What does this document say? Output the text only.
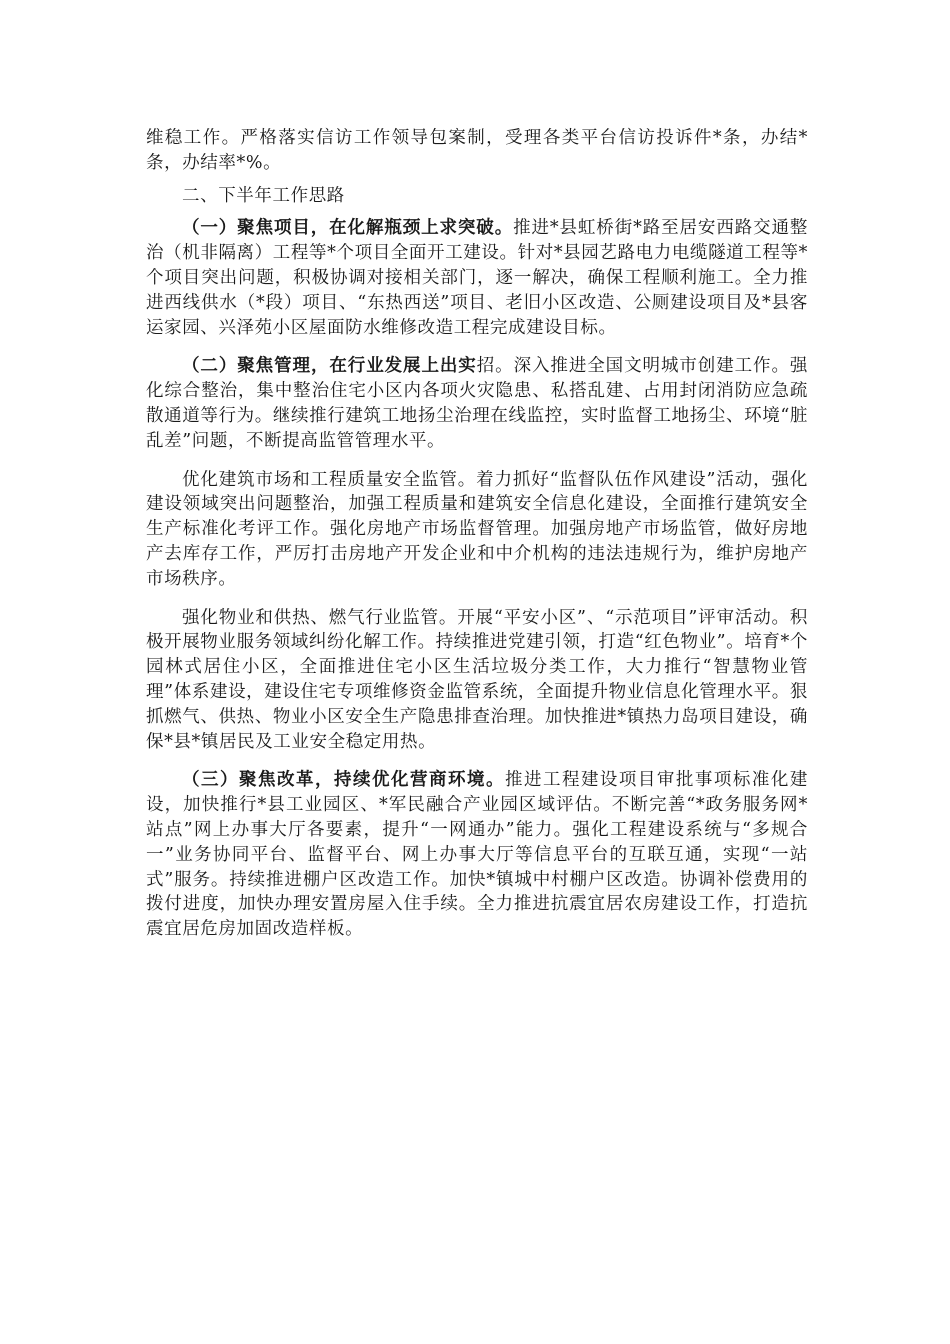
维稳工作。严格落实信访工作领导包案制，受理各类平台信访投诉件*条，办结*条，办结率*%。

二、下半年工作思路

（一）聚焦项目，在化解瓶颈上求突破。推进*县虹桥街*路至居安西路交通整治（机非隔离）工程等*个项目全面开工建设。针对*县园艺路电力电缆隧道工程等*个项目突出问题，积极协调对接相关部门，逐一解决，确保工程顺利施工。全力推进西线供水（*段）项目、“东热西送”项目、老旧小区改造、公厕建设项目及*县客运家园、兴泽苑小区屋面防水维修改造工程完成建设目标。

（二）聚焦管理，在行业发展上出实招。深入推进全国文明城市创建工作。强化综合整治，集中整治住宅小区内各项火灾隐患、私搭乱建、占用封闭消防应急疏散通道等行为。继续推行建筑工地扬尘治理在线监控，实时监督工地扬尘、环境“脏乱差”问题，不断提高监管管理水平。

优化建筑市场和工程质量安全监管。着力抓好“监督队伍作风建设”活动，强化建设领域突出问题整治，加强工程质量和建筑安全信息化建设，全面推行建筑安全生产标准化考评工作。强化房地产市场监督管理。加强房地产市场监管，做好房地产去库存工作，严厉打击房地产开发企业和中介机构的违法违规行为，维护房地产市场秩序。

强化物业和供热、燃气行业监管。开展“平安小区”、“示范项目”评审活动。积极开展物业服务领域纠纷化解工作。持续推进党建引领，打造“红色物业”。培育*个园林式居住小区，全面推进住宅小区生活垃圾分类工作，大力推行“智慧物业管理”体系建设，建设住宅专项维修资金监管系统，全面提升物业信息化管理水平。狠抓燃气、供热、物业小区安全生产隐患排查治理。加快推进*镇热力岛项目建设，确保*县*镇居民及工业安全稳定用热。

（三）聚焦改革，持续优化营商环境。推进工程建设项目审批事项标准化建设，加快推行*县工业园区、*军民融合产业园区域评估。不断完善“*政务服务网*站点”网上办事大厅各要素，提升“一网通办”能力。强化工程建设系统与“多规合一”业务协同平台、监督平台、网上办事大厅等信息平台的互联互通，实现“一站式”服务。持续推进棚户区改造工作。加快*镇城中村棚户区改造。协调补偿费用的拨付进度，加快办理安置房屋入住手续。全力推进抗震宜居农房建设工作，打造抗震宜居危房加固改造样板。
